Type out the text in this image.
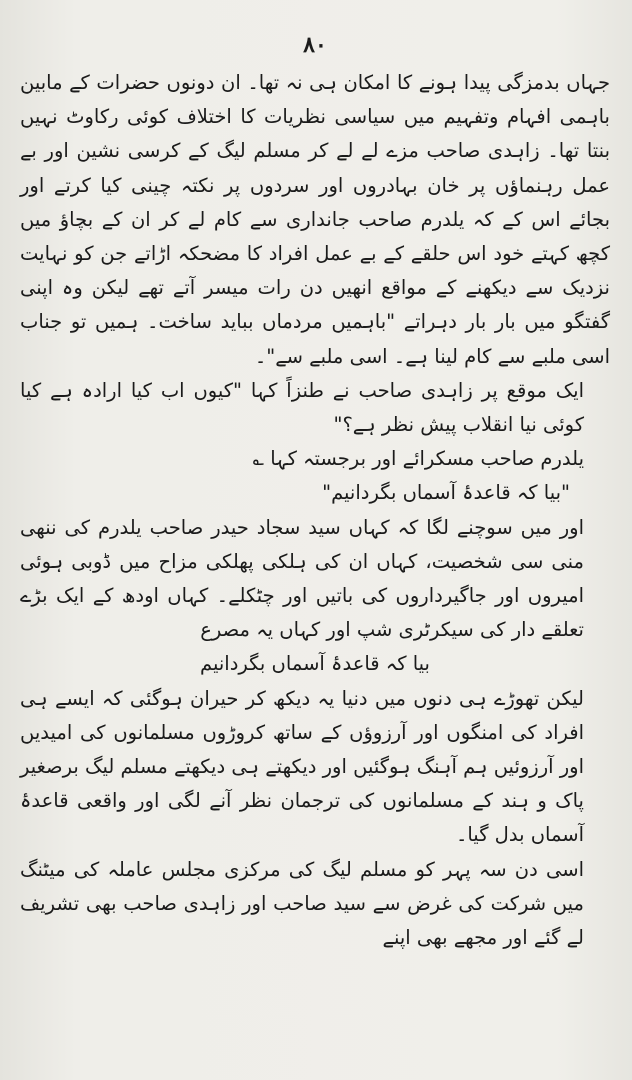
۸۰

جہاں بدمزگی پیدا ہونے کا امکان ہی نہ تھا۔ ان دونوں حضرات کے مابین باہمی افہام وتفہیم میں سیاسی نظریات کا اختلاف کوئی رکاوٹ نہیں بنتا تھا۔ زاہدی صاحب مزے لے لے کر مسلم لیگ کے کرسی نشین اور بے عمل رہنماؤں پر خان بہادروں اور سردوں پر نکتہ چینی کیا کرتے اور بجائے اس کے کہ یلدرم صاحب جانداری سے کام لے کر ان کے بچاؤ میں کچھ کہتے خود اس حلقے کے بے عمل افراد کا مضحکہ اڑاتے جن کو نہایت نزدیک سے دیکھنے کے مواقع انھیں دن رات میسر آتے تھے لیکن وہ اپنی گفتگو میں بار بار دہراتے "باہمیں مردماں بباید ساخت۔ ہمیں تو جناب اسی ملبے سے کام لینا ہے۔ اسی ملبے سے"۔

ایک موقع پر زاہدی صاحب نے طنزاً کہا "کیوں اب کیا ارادہ ہے کیا کوئی نیا انقلاب پیش نظر ہے؟"

یلدرم صاحب مسکرائے اور برجستہ کہا ؎

"بیا کہ قاعدۂ آسماں بگردانیم"

اور میں سوچنے لگا کہ کہاں سید سجاد حیدر صاحب یلدرم کی ننھی منی سی شخصیت، کہاں ان کی ہلکی پھلکی مزاح میں ڈوبی ہوئی امیروں اور جاگیرداروں کی باتیں اور چٹکلے۔ کہاں اودھ کے ایک بڑے تعلقے دار کی سیکرٹری شپ اور کہاں یہ مصرع

بیا کہ قاعدۂ آسماں بگردانیم

لیکن تھوڑے ہی دنوں میں دنیا یہ دیکھ کر حیران ہوگئی کہ ایسے ہی افراد کی امنگوں اور آرزوؤں کے ساتھ کروڑوں مسلمانوں کی امیدیں اور آرزوئیں ہم آہنگ ہوگئیں اور دیکھتے ہی دیکھتے مسلم لیگ برصغیر پاک و ہند کے مسلمانوں کی ترجمان نظر آنے لگی اور واقعی قاعدۂ آسماں بدل گیا۔

اسی دن سہ پہر کو مسلم لیگ کی مرکزی مجلس عاملہ کی میٹنگ میں شرکت کی غرض سے سید صاحب اور زاہدی صاحب بھی تشریف لے گئے اور مجھے بھی اپنے
